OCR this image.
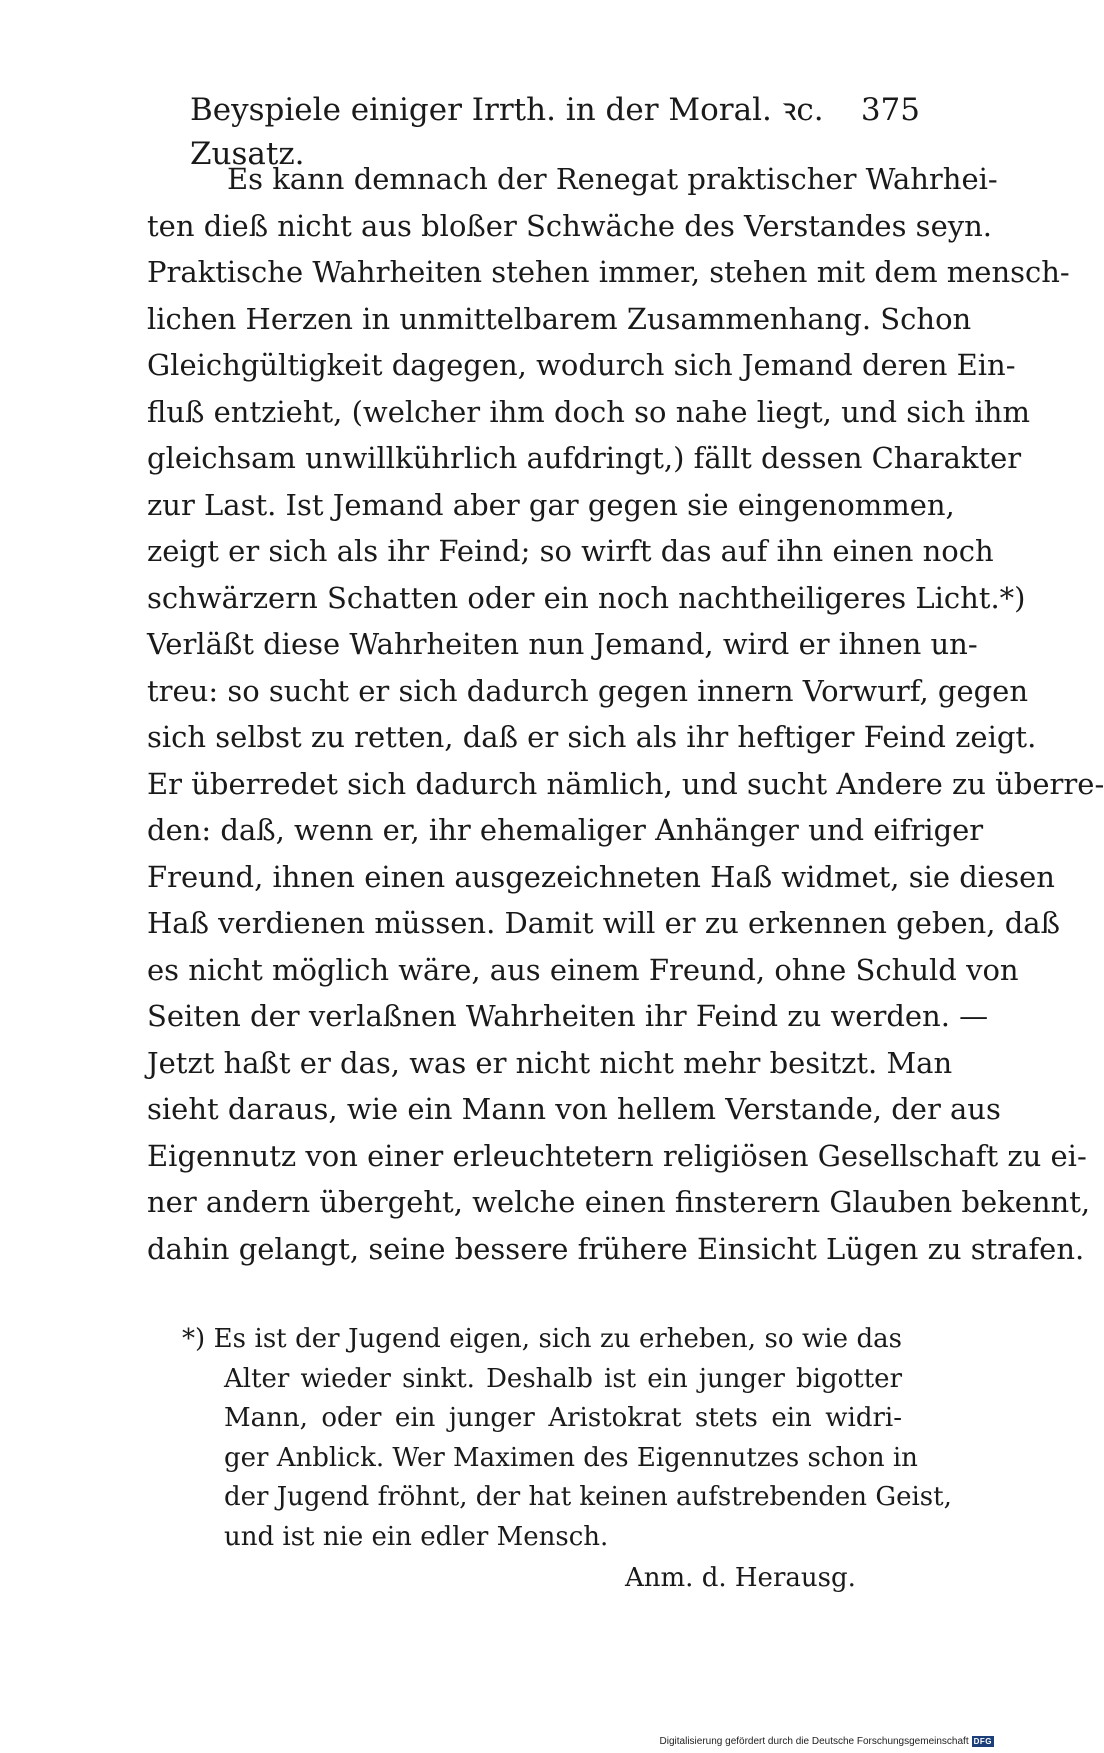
Beyspiele einiger Irrth. in der Moral. ꝛc. Zusatz.
375
Es kann demnach der Renegat praktischer Wahrhei-
ten dieß nicht aus bloßer Schwäche des Verstandes seyn.
Praktische Wahrheiten stehen immer, stehen mit dem mensch-
lichen Herzen in unmittelbarem Zusammenhang. Schon
Gleichgültigkeit dagegen, wodurch sich Jemand deren Ein-
fluß entzieht, (welcher ihm doch so nahe liegt, und sich ihm
gleichsam unwillkührlich aufdringt,) fällt dessen Charakter
zur Last. Ist Jemand aber gar gegen sie eingenommen,
zeigt er sich als ihr Feind; so wirft das auf ihn einen noch
schwärzern Schatten oder ein noch nachtheiligeres Licht.*)
Verläßt diese Wahrheiten nun Jemand, wird er ihnen un-
treu: so sucht er sich dadurch gegen innern Vorwurf, gegen
sich selbst zu retten, daß er sich als ihr heftiger Feind zeigt.
Er überredet sich dadurch nämlich, und sucht Andere zu überre-
den: daß, wenn er, ihr ehemaliger Anhänger und eifriger
Freund, ihnen einen ausgezeichneten Haß widmet, sie diesen
Haß verdienen müssen. Damit will er zu erkennen geben, daß
es nicht möglich wäre, aus einem Freund, ohne Schuld von
Seiten der verlaßnen Wahrheiten ihr Feind zu werden. —
Jetzt haßt er das, was er nicht nicht mehr besitzt. Man
sieht daraus, wie ein Mann von hellem Verstande, der aus
Eigennutz von einer erleuchtetern religiösen Gesellschaft zu ei-
ner andern übergeht, welche einen finsterern Glauben bekennt,
dahin gelangt, seine bessere frühere Einsicht Lügen zu strafen.
*) Es ist der Jugend eigen, sich zu erheben, so wie das
Alter wieder sinkt. Deshalb ist ein junger bigotter
Mann, oder ein junger Aristokrat stets ein widri-
ger Anblick. Wer Maximen des Eigennutzes schon in
der Jugend fröhnt, der hat keinen aufstrebenden Geist,
und ist nie ein edler Mensch.
Anm. d. Herausg.
Digitalisierung gefördert durch die Deutsche Forschungsgemeinschaft DFG
